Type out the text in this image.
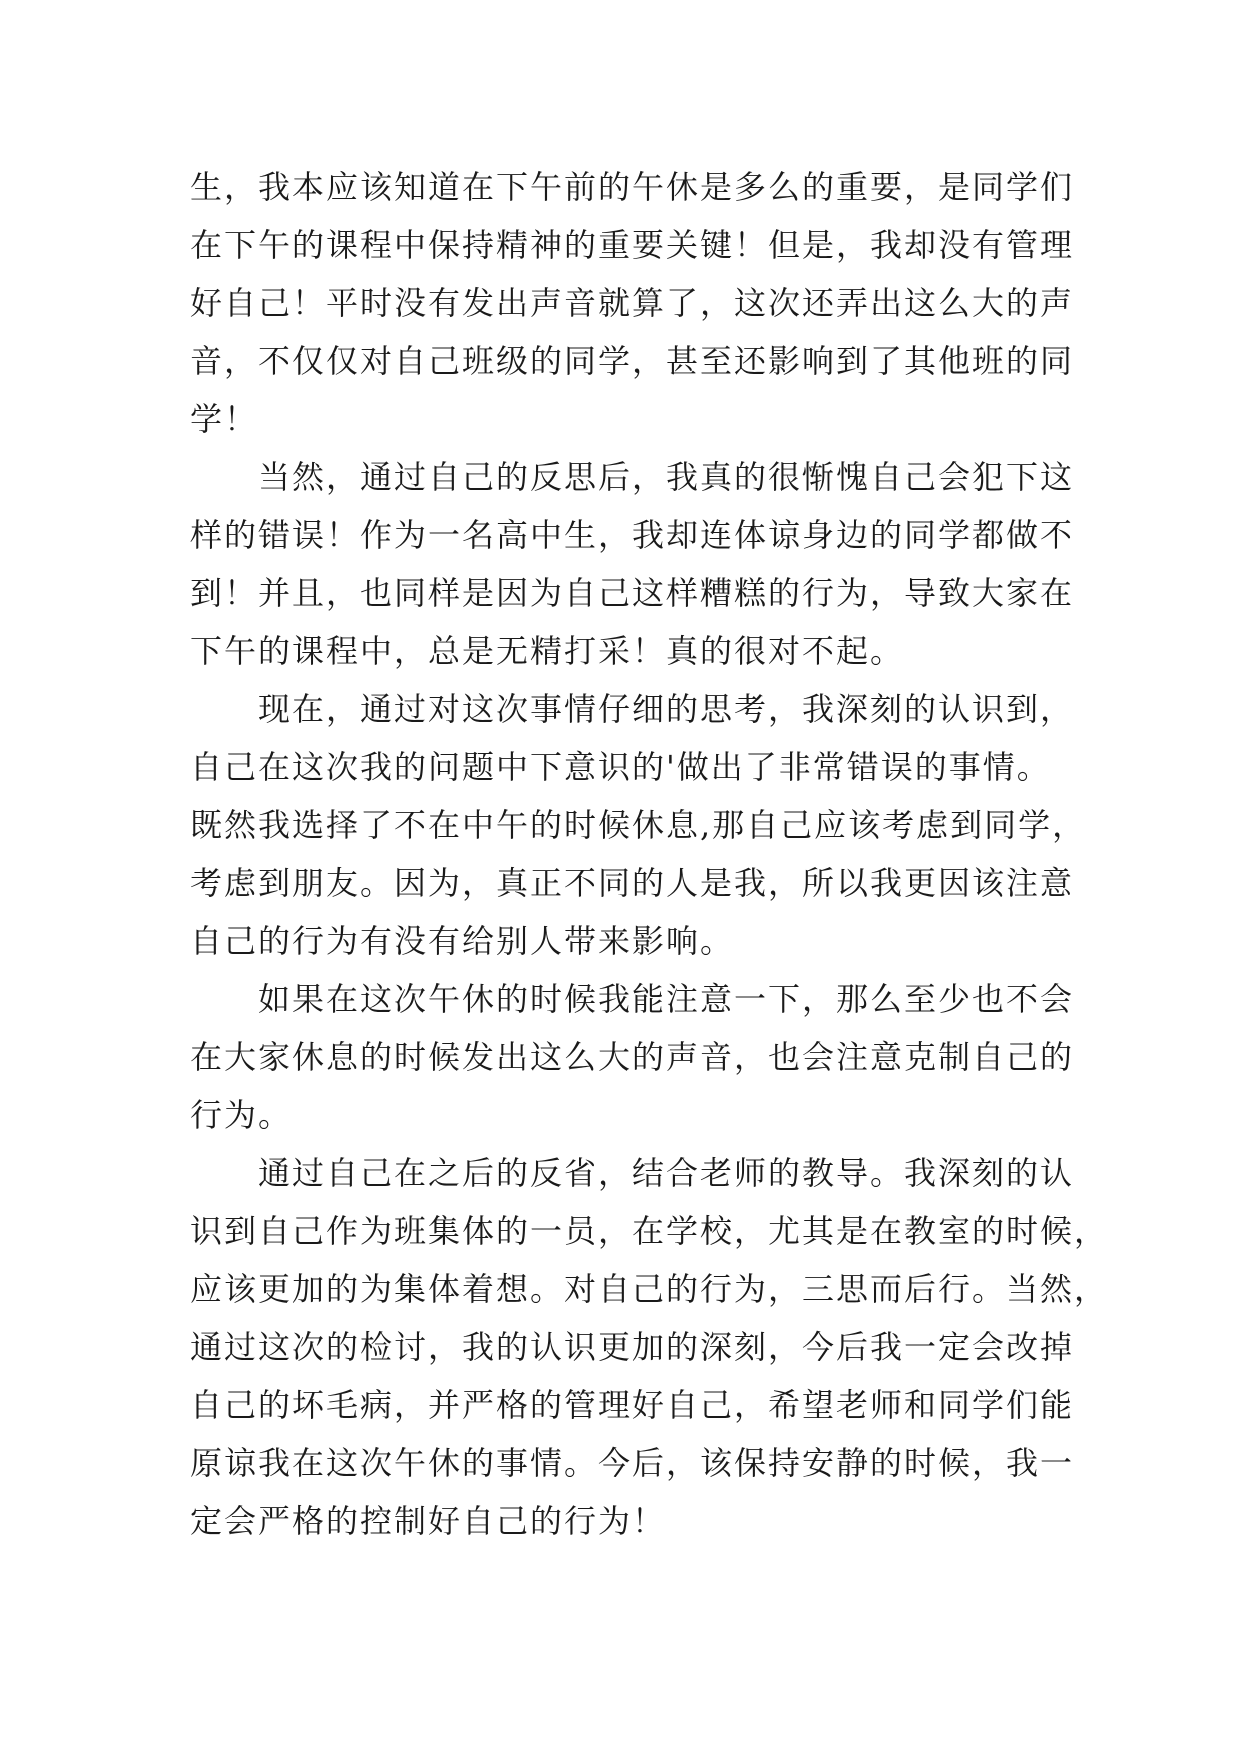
生，我本应该知道在下午前的午休是多么的重要，是同学们
在下午的课程中保持精神的重要关键！但是，我却没有管理
好自己！平时没有发出声音就算了，这次还弄出这么大的声
音，不仅仅对自己班级的同学，甚至还影响到了其他班的同
学！
当然，通过自己的反思后，我真的很惭愧自己会犯下这
样的错误！作为一名高中生，我却连体谅身边的同学都做不
到！并且，也同样是因为自己这样糟糕的行为，导致大家在
下午的课程中，总是无精打采！真的很对不起。
现在，通过对这次事情仔细的思考，我深刻的认识到，
自己在这次我的问题中下意识的'做出了非常错误的事情。
既然我选择了不在中午的时候休息,那自己应该考虑到同学，
考虑到朋友。因为，真正不同的人是我，所以我更因该注意
自己的行为有没有给别人带来影响。
如果在这次午休的时候我能注意一下，那么至少也不会
在大家休息的时候发出这么大的声音，也会注意克制自己的
行为。
通过自己在之后的反省，结合老师的教导。我深刻的认
识到自己作为班集体的一员，在学校，尤其是在教室的时候，
应该更加的为集体着想。对自己的行为，三思而后行。当然，
通过这次的检讨，我的认识更加的深刻，今后我一定会改掉
自己的坏毛病，并严格的管理好自己，希望老师和同学们能
原谅我在这次午休的事情。今后，该保持安静的时候，我一
定会严格的控制好自己的行为！
